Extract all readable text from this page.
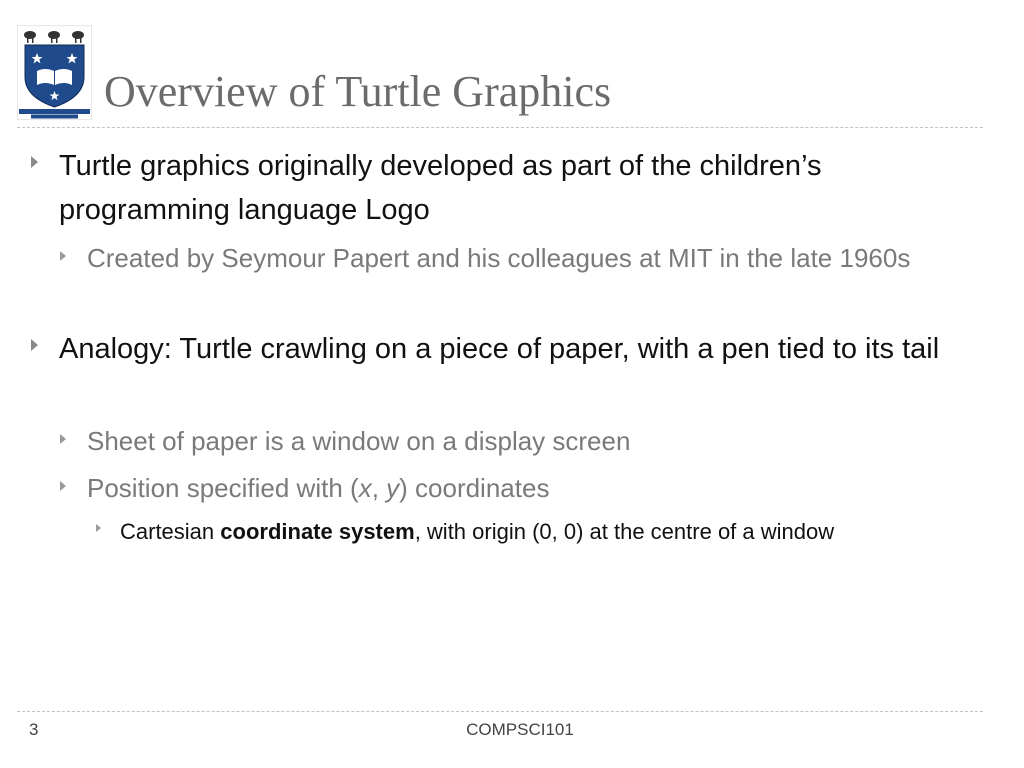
Overview of Turtle Graphics
Turtle graphics originally developed as part of the children’s programming language Logo
Created by Seymour Papert and his colleagues at MIT in the late 1960s
Analogy: Turtle crawling on a piece of paper, with a pen tied to its tail
Sheet of paper is a window on a display screen
Position specified with (x, y) coordinates
Cartesian coordinate system, with origin (0, 0) at the centre of a window
3	COMPSCI101
